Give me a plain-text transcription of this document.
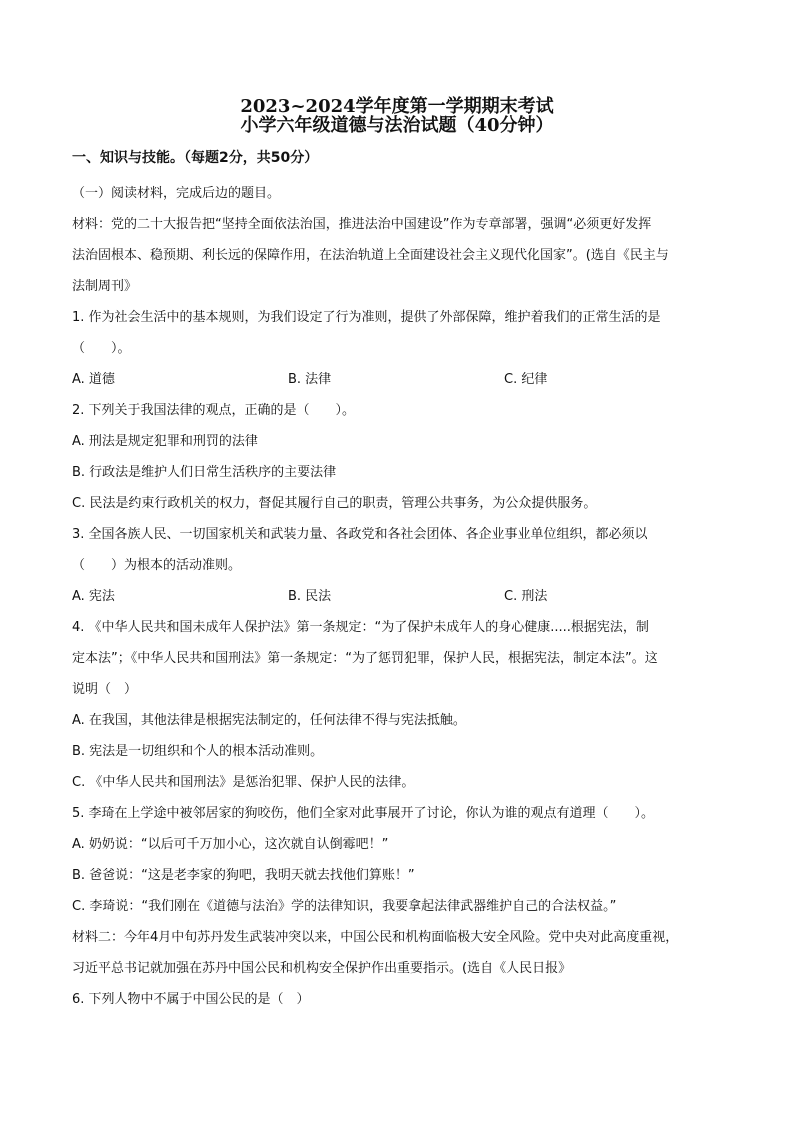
2023~2024学年度第一学期期末考试
小学六年级道德与法治试题（40分钟）
一、知识与技能。（每题2分，共50分）

（一）阅读材料，完成后边的题目。

材料：党的二十大报告把“坚持全面依法治国，推进法治中国建设”作为专章部署，强调“必须更好发挥

法治固根本、稳预期、利长远的保障作用，在法治轨道上全面建设社会主义现代化国家”。(选自《民主与

法制周刊》

1. 作为社会生活中的基本规则，为我们设定了行为准则，提供了外部保障，维护着我们的正常生活的是

（　　）。

A. 道德	B. 法律	C. 纪律

2. 下列关于我国法律的观点，正确的是（　　）。

A. 刑法是规定犯罪和刑罚的法律

B. 行政法是维护人们日常生活秩序的主要法律

C. 民法是约束行政机关的权力，督促其履行自己的职责，管理公共事务，为公众提供服务。

3. 全国各族人民、一切国家机关和武装力量、各政党和各社会团体、各企业事业单位组织，都必须以

（　　）为根本的活动准则。

A. 宪法	B. 民法	C. 刑法

4. 《中华人民共和国未成年人保护法》第一条规定：“为了保护未成年人的身心健康.....根据宪法，制

定本法”；《中华人民共和国刑法》第一条规定：“为了惩罚犯罪，保护人民，根据宪法，制定本法”。这

说明（　）

A. 在我国，其他法律是根据宪法制定的，任何法律不得与宪法抵触。

B. 宪法是一切组织和个人的根本活动准则。

C. 《中华人民共和国刑法》是惩治犯罪、保护人民的法律。

5. 李琦在上学途中被邻居家的狗咬伤，他们全家对此事展开了讨论，你认为谁的观点有道理（　　）。

A. 奶奶说：“以后可千万加小心，这次就自认倒霉吧！”

B. 爸爸说：“这是老李家的狗吧，我明天就去找他们算账！”

C. 李琦说：“我们刚在《道德与法治》学的法律知识，我要拿起法律武器维护自己的合法权益。”

材料二：今年4月中旬苏丹发生武装冲突以来，中国公民和机构面临极大安全风险。党中央对此高度重视，

习近平总书记就加强在苏丹中国公民和机构安全保护作出重要指示。(选自《人民日报》

6. 下列人物中不属于中国公民的是（　）
